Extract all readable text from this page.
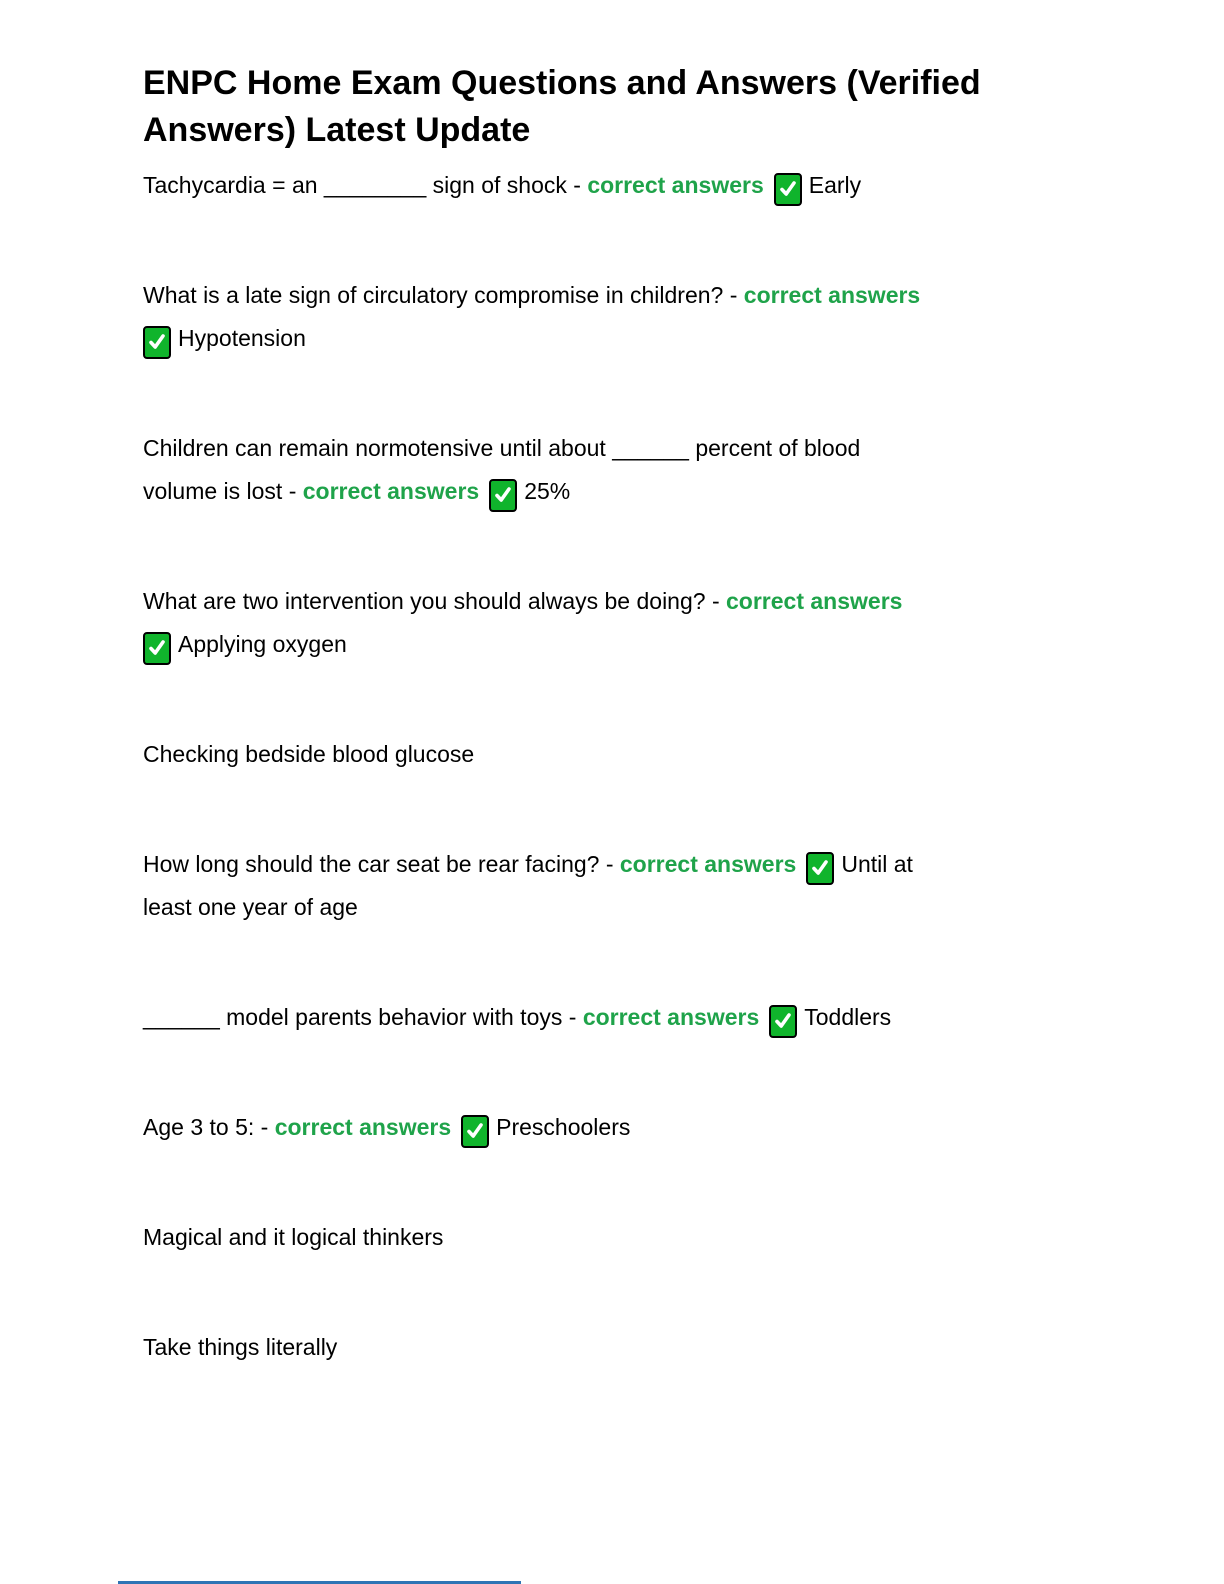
ENPC Home Exam Questions and Answers (Verified Answers) Latest Update

Tachycardia = an ________ sign of shock - correct answers Early

What is a late sign of circulatory compromise in children? - correct answers
Hypotension

Children can remain normotensive until about ______ percent of blood
volume is lost - correct answers 25%

What are two intervention you should always be doing? - correct answers
Applying oxygen

Checking bedside blood glucose

How long should the car seat be rear facing? - correct answers Until at
least one year of age

______ model parents behavior with toys - correct answers Toddlers

Age 3 to 5: - correct answers Preschoolers

Magical and it logical thinkers

Take things literally
